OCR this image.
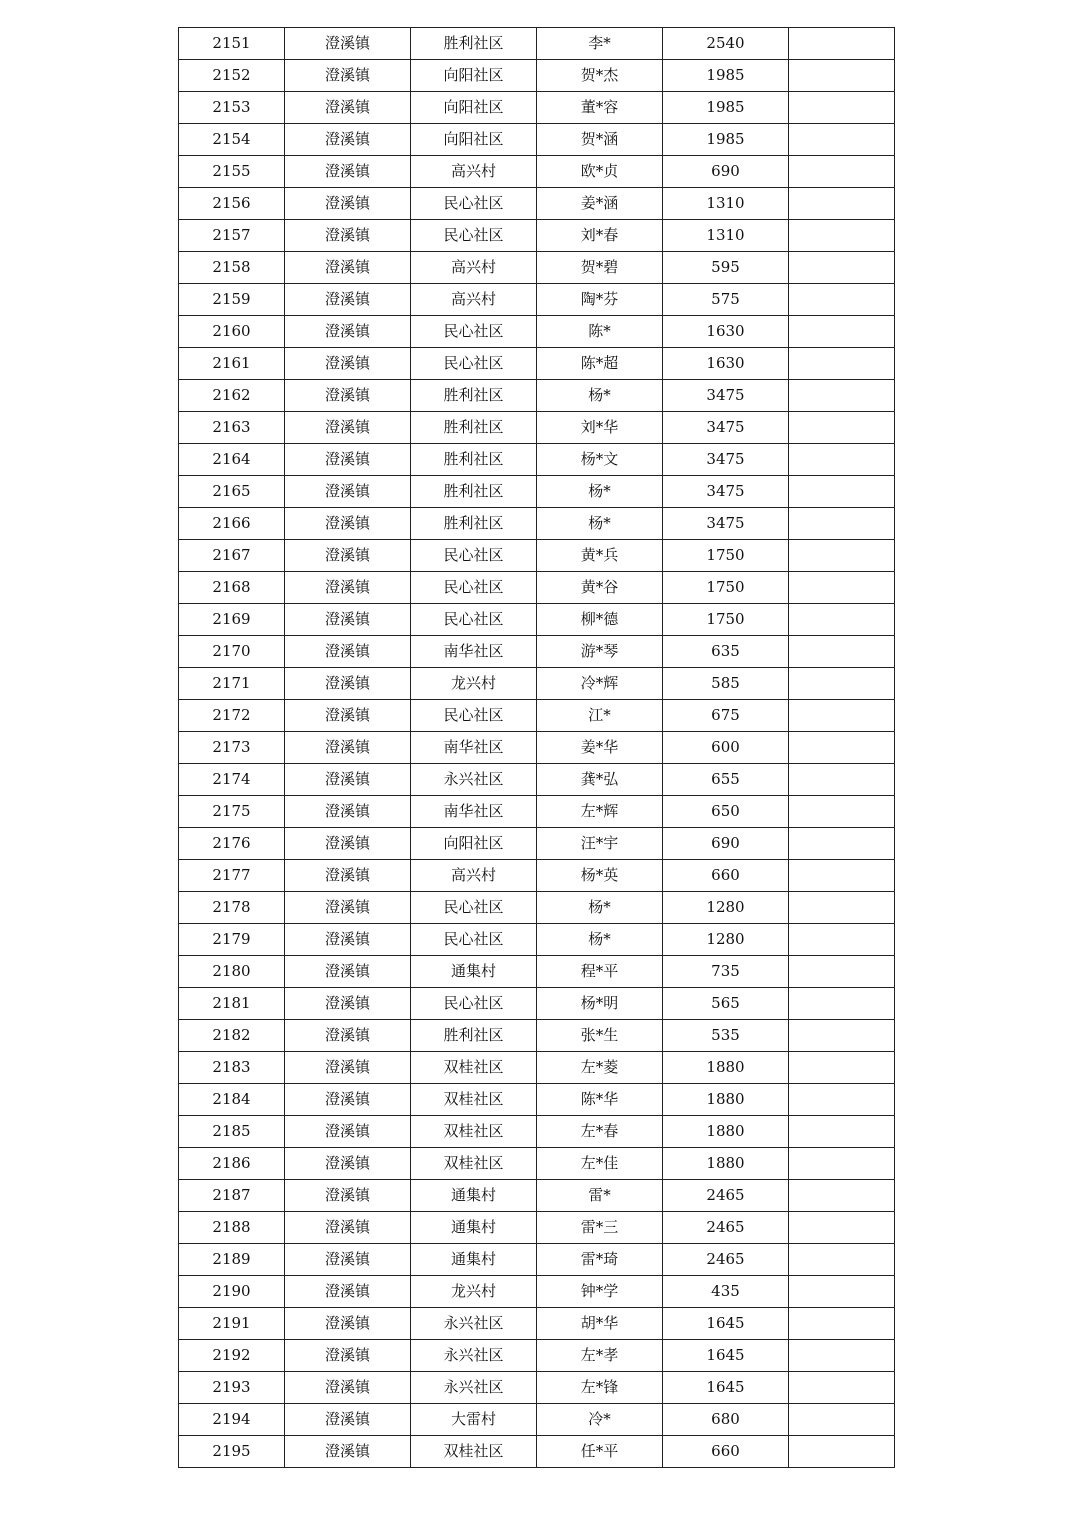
2151	澄溪镇	胜利社区	李*	2540	
2152	澄溪镇	向阳社区	贺*杰	1985	
2153	澄溪镇	向阳社区	董*容	1985	
2154	澄溪镇	向阳社区	贺*涵	1985	
2155	澄溪镇	高兴村	欧*贞	690	
2156	澄溪镇	民心社区	姜*涵	1310	
2157	澄溪镇	民心社区	刘*春	1310	
2158	澄溪镇	高兴村	贺*碧	595	
2159	澄溪镇	高兴村	陶*芬	575	
2160	澄溪镇	民心社区	陈*	1630	
2161	澄溪镇	民心社区	陈*超	1630	
2162	澄溪镇	胜利社区	杨*	3475	
2163	澄溪镇	胜利社区	刘*华	3475	
2164	澄溪镇	胜利社区	杨*文	3475	
2165	澄溪镇	胜利社区	杨*	3475	
2166	澄溪镇	胜利社区	杨*	3475	
2167	澄溪镇	民心社区	黄*兵	1750	
2168	澄溪镇	民心社区	黄*谷	1750	
2169	澄溪镇	民心社区	柳*德	1750	
2170	澄溪镇	南华社区	游*琴	635	
2171	澄溪镇	龙兴村	冷*辉	585	
2172	澄溪镇	民心社区	江*	675	
2173	澄溪镇	南华社区	姜*华	600	
2174	澄溪镇	永兴社区	龚*弘	655	
2175	澄溪镇	南华社区	左*辉	650	
2176	澄溪镇	向阳社区	汪*宇	690	
2177	澄溪镇	高兴村	杨*英	660	
2178	澄溪镇	民心社区	杨*	1280	
2179	澄溪镇	民心社区	杨*	1280	
2180	澄溪镇	通集村	程*平	735	
2181	澄溪镇	民心社区	杨*明	565	
2182	澄溪镇	胜利社区	张*生	535	
2183	澄溪镇	双桂社区	左*菱	1880	
2184	澄溪镇	双桂社区	陈*华	1880	
2185	澄溪镇	双桂社区	左*春	1880	
2186	澄溪镇	双桂社区	左*佳	1880	
2187	澄溪镇	通集村	雷*	2465	
2188	澄溪镇	通集村	雷*三	2465	
2189	澄溪镇	通集村	雷*琦	2465	
2190	澄溪镇	龙兴村	钟*学	435	
2191	澄溪镇	永兴社区	胡*华	1645	
2192	澄溪镇	永兴社区	左*孝	1645	
2193	澄溪镇	永兴社区	左*锋	1645	
2194	澄溪镇	大雷村	冷*	680	
2195	澄溪镇	双桂社区	任*平	660	
